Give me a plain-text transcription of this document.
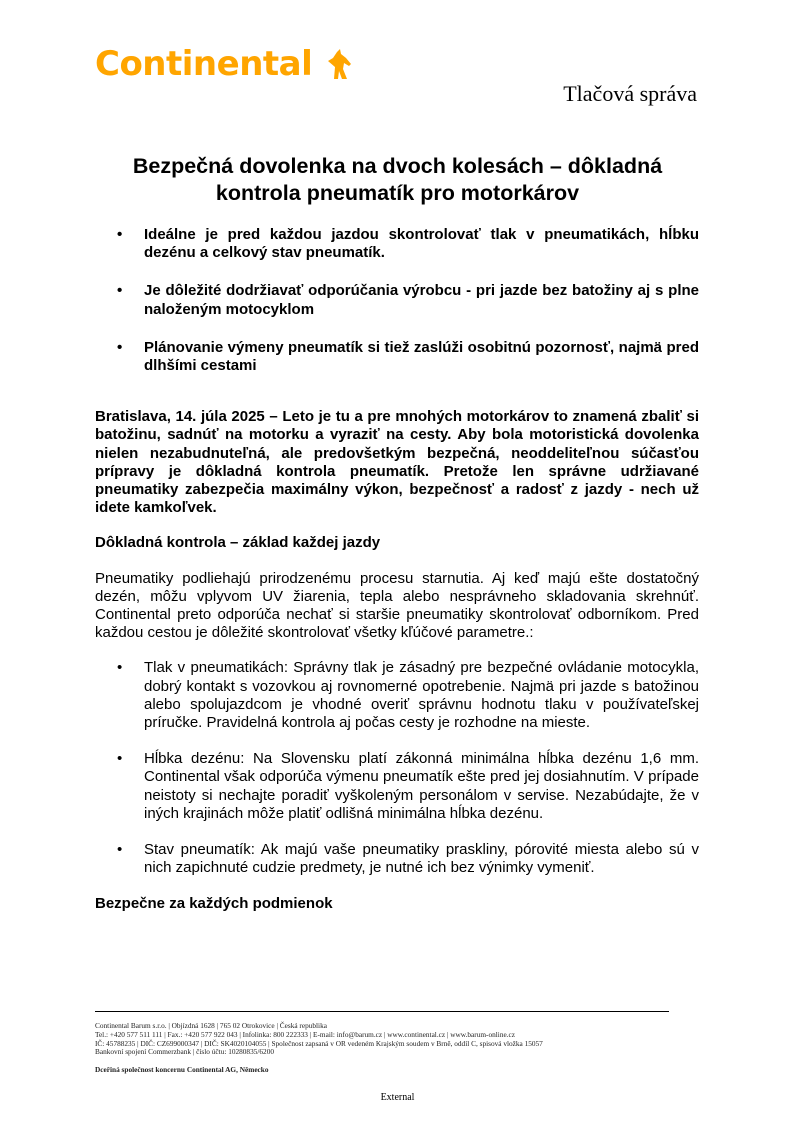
Continental
Tlačová správa
Bezpečná dovolenka na dvoch kolesách – dôkladná kontrola pneumatík pro motorkárov
• Ideálne je pred každou jazdou skontrolovať tlak v pneumatikách, hĺbku dezénu a celkový stav pneumatík.
• Je dôležité dodržiavať odporúčania výrobcu - pri jazde bez batožiny aj s plne naloženým motocyklom
• Plánovanie výmeny pneumatík si tiež zaslúži osobitnú pozornosť, najmä pred dlhšími cestami

Bratislava, 14. júla 2025 – Leto je tu a pre mnohých motorkárov to znamená zbaliť si batožinu, sadnúť na motorku a vyraziť na cesty. Aby bola motoristická dovolenka nielen nezabudnuteľná, ale predovšetkým bezpečná, neoddeliteľnou súčasťou prípravy je dôkladná kontrola pneumatík. Pretože len správne udržiavané pneumatiky zabezpečia maximálny výkon, bezpečnosť a radosť z jazdy - nech už idete kamkoľvek.

Dôkladná kontrola – základ každej jazdy

Pneumatiky podliehajú prirodzenému procesu starnutia. Aj keď majú ešte dostatočný dezén, môžu vplyvom UV žiarenia, tepla alebo nesprávneho skladovania skrehnúť. Continental preto odporúča nechať si staršie pneumatiky skontrolovať odborníkom. Pred každou cestou je dôležité skontrolovať všetky kľúčové parametre.:

• Tlak v pneumatikách: Správny tlak je zásadný pre bezpečné ovládanie motocykla, dobrý kontakt s vozovkou aj rovnomerné opotrebenie. Najmä pri jazde s batožinou alebo spolujazdcom je vhodné overiť správnu hodnotu tlaku v používateľskej príručke. Pravidelná kontrola aj počas cesty je rozhodne na mieste.
• Hĺbka dezénu: Na Slovensku platí zákonná minimálna hĺbka dezénu 1,6 mm. Continental však odporúča výmenu pneumatík ešte pred jej dosiahnutím. V prípade neistoty si nechajte poradiť vyškoleným personálom v servise. Nezabúdajte, že v iných krajinách môže platiť odlišná minimálna hĺbka dezénu.
• Stav pneumatík: Ak majú vaše pneumatiky praskliny, pórovité miesta alebo sú v nich zapichnuté cudzie predmety, je nutné ich bez výnimky vymeniť.

Bezpečne za každých podmienok

Continental Barum s.r.o. | Objízdná 1628 | 765 02 Otrokovice | Česká republika
Tel.: +420 577 511 111 | Fax.: +420 577 922 043 | Infolinka: 800 222333 | E-mail: info@barum.cz | www.continental.cz | www.barum-online.cz
IČ: 45788235 | DIČ: CZ699000347 | DIČ: SK4020104055 | Společnost zapsaná v OR vedeném Krajským soudem v Brně, oddíl C, spisová vložka 15057
Bankovní spojení Commerzbank | číslo účtu: 10280835/6200
Dceřiná společnost koncernu Continental AG, Německo
External
